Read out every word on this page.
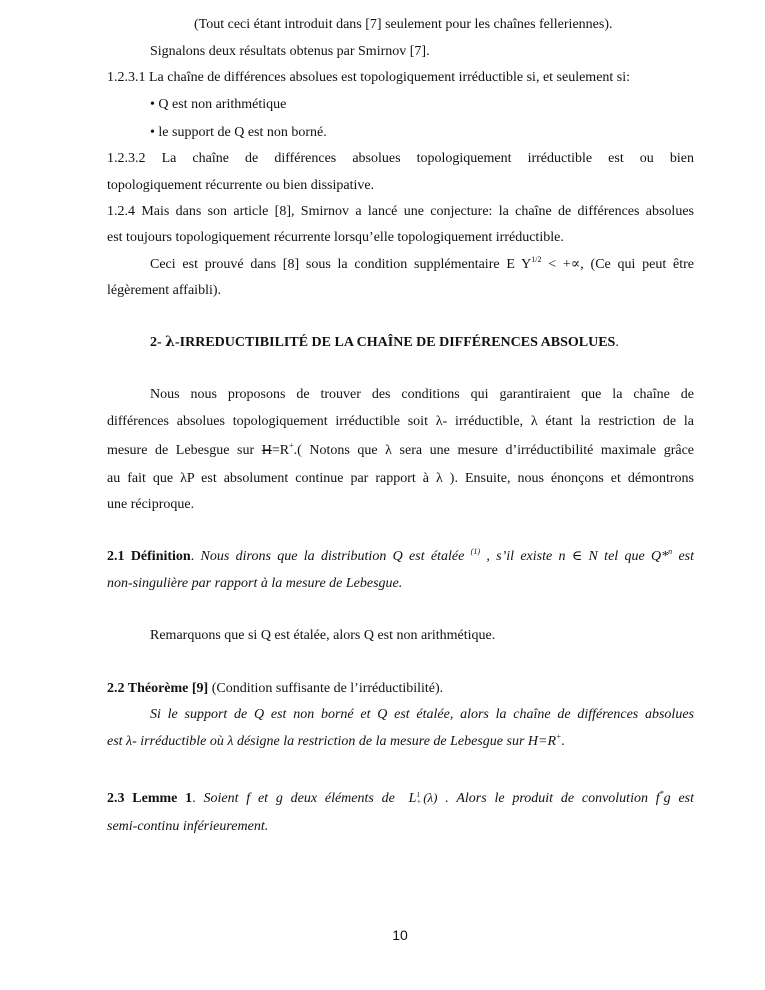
(Tout ceci étant introduit dans [7] seulement pour les chaînes felleriennes).
Signalons deux résultats obtenus par Smirnov [7].
1.2.3.1 La chaîne de différences absolues est topologiquement irréductible si, et seulement si:
• Q est non arithmétique
• le support de Q est non borné.
1.2.3.2 La chaîne de différences absolues topologiquement irréductible est ou bien
topologiquement récurrente ou bien dissipative.
1.2.4 Mais dans son article [8], Smirnov a lancé une conjecture: la chaîne de différences absolues
est toujours topologiquement récurrente lorsqu’elle topologiquement irréductible.
Ceci est prouvé dans [8] sous la condition supplémentaire E $Y^{1/2}$ < +∝, (Ce qui peut être
légèrement affaibli).
2- λ-IRREDUCTIBILITÉ DE LA CHAÎNE DE DIFFÉRENCES ABSOLUES.
Nous nous proposons de trouver des conditions qui garantiraient que la chaîne de
différences absolues topologiquement irréductible soit λ- irréductible, λ étant la restriction de la
mesure de Lebesgue sur H=R+.( Notons que λ sera une mesure d’irréductibilité maximale grâce
au fait que λP est absolument continue par rapport à λ ). Ensuite, nous énonçons et démontrons
une réciproque.
2.1 Définition. Nous dirons que la distribution Q est étalée $^{(1)}$ , s’il existe n ∈ N tel que Q*$^n$ est
non-singulière par rapport à la mesure de Lebesgue.
Remarquons que si Q est étalée, alors Q est non arithmétique.
2.2 Théorème [9] (Condition suffisante de l’irréductibilité).
Si le support de Q est non borné et Q est étalée, alors la chaîne de différences absolues
est λ- irréductible où λ désigne la restriction de la mesure de Lebesgue sur H=R+.
2.3 Lemme 1. Soient f et g deux éléments de L 1
+ (λ) . Alors le produit de convolution f*g est
semi-continu inférieurement.
10
